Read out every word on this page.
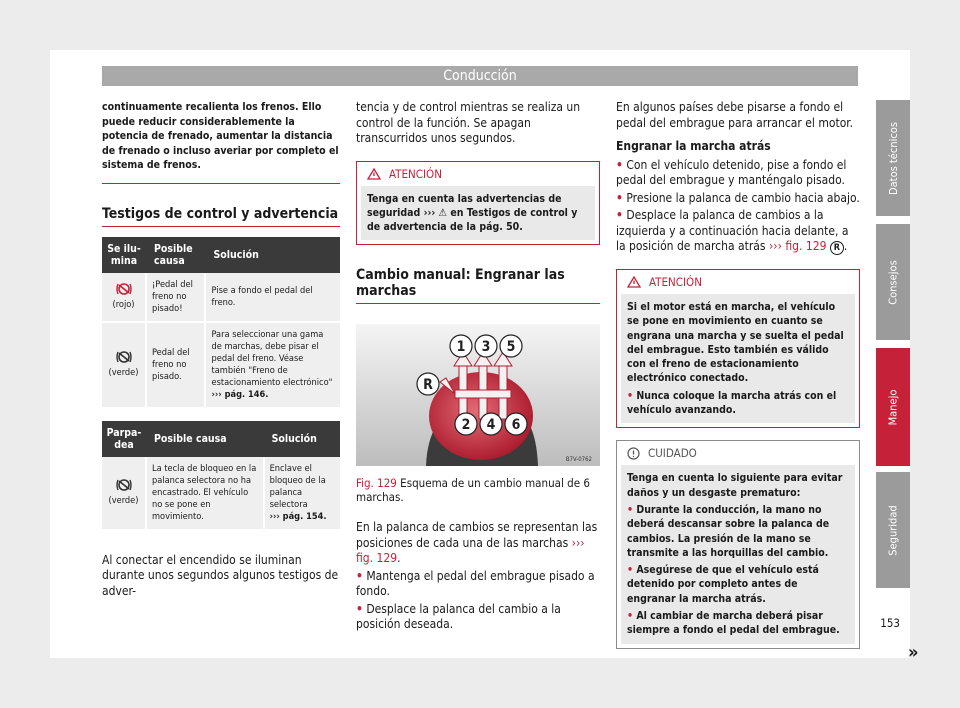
Conducción
continuamente recalienta los frenos. Ello puede reducir considerablemente la potencia de frenado, aumentar la distancia de frenado o incluso averiar por completo el sistema de frenos.
Testigos de control y advertencia
Se ilu-
mina	Posible causa	Solución

(rojo)	¡Pedal del freno no pisado!	Pise a fondo el pedal del freno.

(verde)	Pedal del freno no pisado.	Para seleccionar una gama de marchas, debe pisar el pedal del freno. Véase también "Freno de estacionamiento electrónico"
››› pág. 146.
Parpa-
dea	Posible causa	Solución

(verde)	La tecla de bloqueo en la palanca selectora no ha encastrado. El vehículo no se pone en movimiento.	Enclave el bloqueo de la palanca selectora
››› pág. 154.

Al conectar el encendido se iluminan durante unos segundos algunos testigos de adver-

tencia y de control mientras se realiza un control de la función. Se apagan transcurridos unos segundos.

ATENCIÓN
Tenga en cuenta las advertencias de seguridad ››› ⚠ en Testigos de control y de advertencia de la pág. 50.
Cambio manual: Engranar las marchas
1 3 5
R
2 4 6
B7V-0762

Fig. 129 Esquema de un cambio manual de 6 marchas.

En la palanca de cambios se representan las posiciones de cada una de las marchas ››› fig. 129.

• Mantenga el pedal del embrague pisado a fondo.

• Desplace la palanca del cambio a la posición deseada.

En algunos países debe pisarse a fondo el pedal del embrague para arrancar el motor.

Engranar la marcha atrás

• Con el vehículo detenido, pise a fondo el pedal del embrague y manténgalo pisado.

• Presione la palanca de cambio hacia abajo.

• Desplace la palanca de cambios a la izquierda y a continuación hacia delante, a la posición de marcha atrás ››› fig. 129 R .

ATENCIÓN
Si el motor está en marcha, el vehículo se pone en movimiento en cuanto se engrana una marcha y se suelta el pedal del embrague. Esto también es válido con el freno de estacionamiento electrónico conectado.
• Nunca coloque la marcha atrás con el vehículo avanzando.
CUIDADO
Tenga en cuenta lo siguiente para evitar daños y un desgaste prematuro:
• Durante la conducción, la mano no deberá descansar sobre la palanca de cambios. La presión de la mano se transmite a las horquillas del cambio.
• Asegúrese de que el vehículo está detenido por completo antes de engranar la marcha atrás.
• Al cambiar de marcha deberá pisar siempre a fondo el pedal del embrague.
»
Datos técnicos
Consejos
Manejo
Seguridad
153
